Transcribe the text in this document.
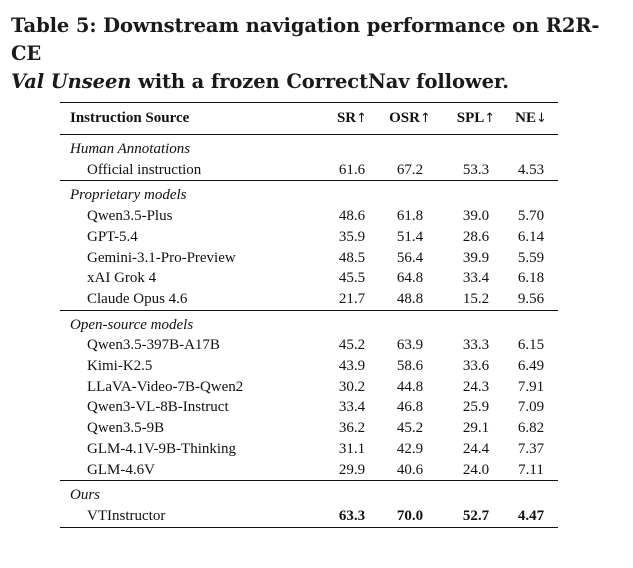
Table 5: Downstream navigation performance on R2R-CE
Val Unseen with a frozen CorrectNav follower.
Instruction Source	SR↑	OSR↑	SPL↑	NE↓
Human Annotations				
Official instruction	61.6	67.2	53.3	4.53
Proprietary models				
Qwen3.5-Plus	48.6	61.8	39.0	5.70
GPT-5.4	35.9	51.4	28.6	6.14
Gemini-3.1-Pro-Preview	48.5	56.4	39.9	5.59
xAI Grok 4	45.5	64.8	33.4	6.18
Claude Opus 4.6	21.7	48.8	15.2	9.56
Open-source models				
Qwen3.5-397B-A17B	45.2	63.9	33.3	6.15
Kimi-K2.5	43.9	58.6	33.6	6.49
LLaVA-Video-7B-Qwen2	30.2	44.8	24.3	7.91
Qwen3-VL-8B-Instruct	33.4	46.8	25.9	7.09
Qwen3.5-9B	36.2	45.2	29.1	6.82
GLM-4.1V-9B-Thinking	31.1	42.9	24.4	7.37
GLM-4.6V	29.9	40.6	24.0	7.11
Ours				
VTInstructor	63.3	70.0	52.7	4.47
